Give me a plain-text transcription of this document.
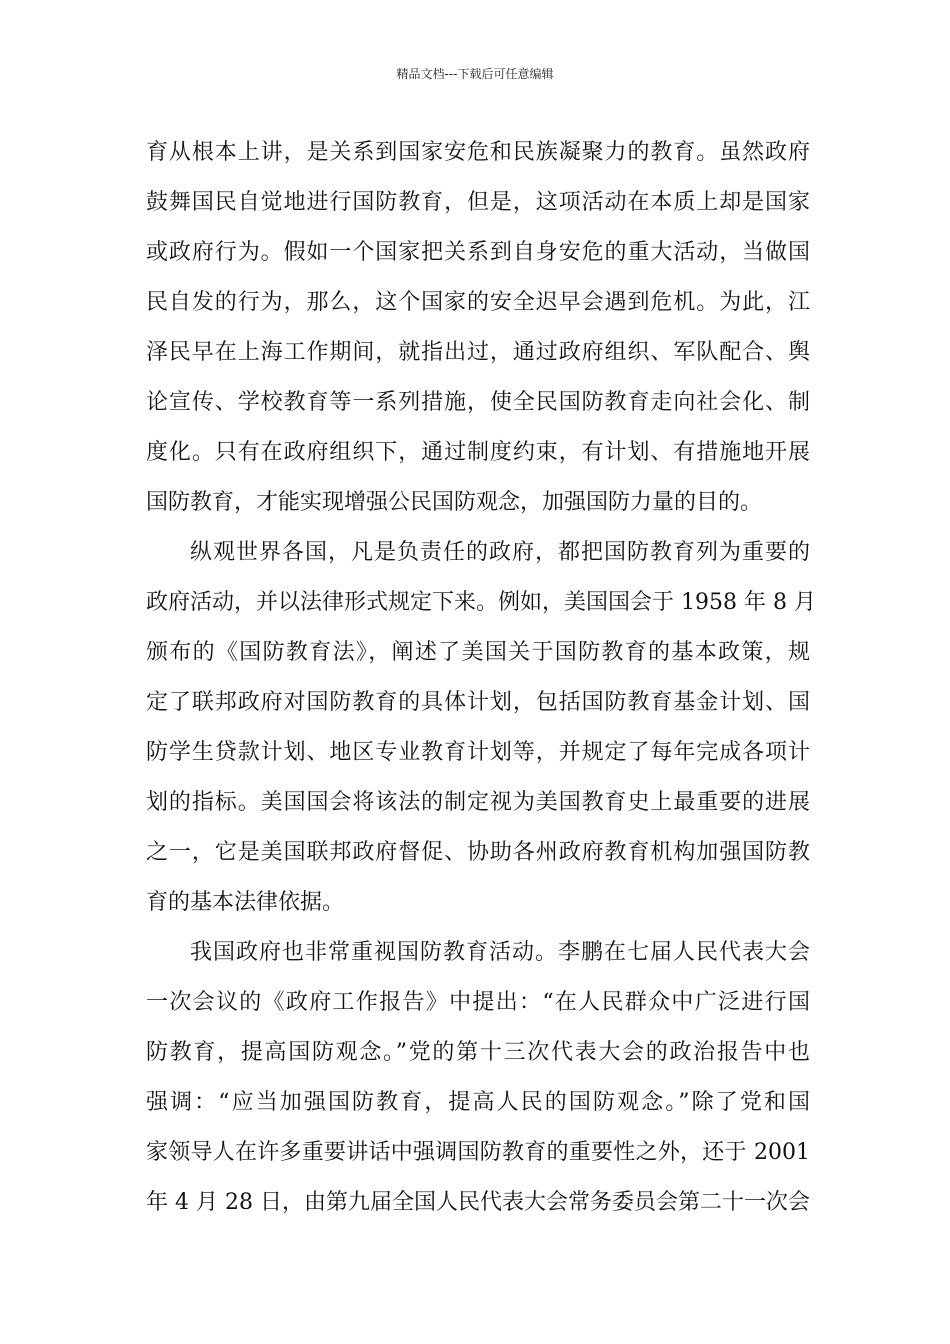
精品文档---下载后可任意编辑
育从根本上讲，是关系到国家安危和民族凝聚力的教育。虽然政府
鼓舞国民自觉地进行国防教育，但是，这项活动在本质上却是国家
或政府行为。假如一个国家把关系到自身安危的重大活动，当做国
民自发的行为，那么，这个国家的安全迟早会遇到危机。为此，江
泽民早在上海工作期间，就指出过，通过政府组织、军队配合、舆
论宣传、学校教育等一系列措施，使全民国防教育走向社会化、制
度化。只有在政府组织下，通过制度约束，有计划、有措施地开展
国防教育，才能实现增强公民国防观念，加强国防力量的目的。
纵观世界各国，凡是负责任的政府，都把国防教育列为重要的
政府活动，并以法律形式规定下来。例如，美国国会于 1958 年 8 月
颁布的《国防教育法》，阐述了美国关于国防教育的基本政策，规
定了联邦政府对国防教育的具体计划，包括国防教育基金计划、国
防学生贷款计划、地区专业教育计划等，并规定了每年完成各项计
划的指标。美国国会将该法的制定视为美国教育史上最重要的进展
之一，它是美国联邦政府督促、协助各州政府教育机构加强国防教
育的基本法律依据。
我国政府也非常重视国防教育活动。李鹏在七届人民代表大会
一次会议的《政府工作报告》中提出：“在人民群众中广泛进行国
防教育，提高国防观念。”党的第十三次代表大会的政治报告中也
强调：“应当加强国防教育，提高人民的国防观念。”除了党和国
家领导人在许多重要讲话中强调国防教育的重要性之外，还于 2001
年 4 月 28 日，由第九届全国人民代表大会常务委员会第二十一次会
